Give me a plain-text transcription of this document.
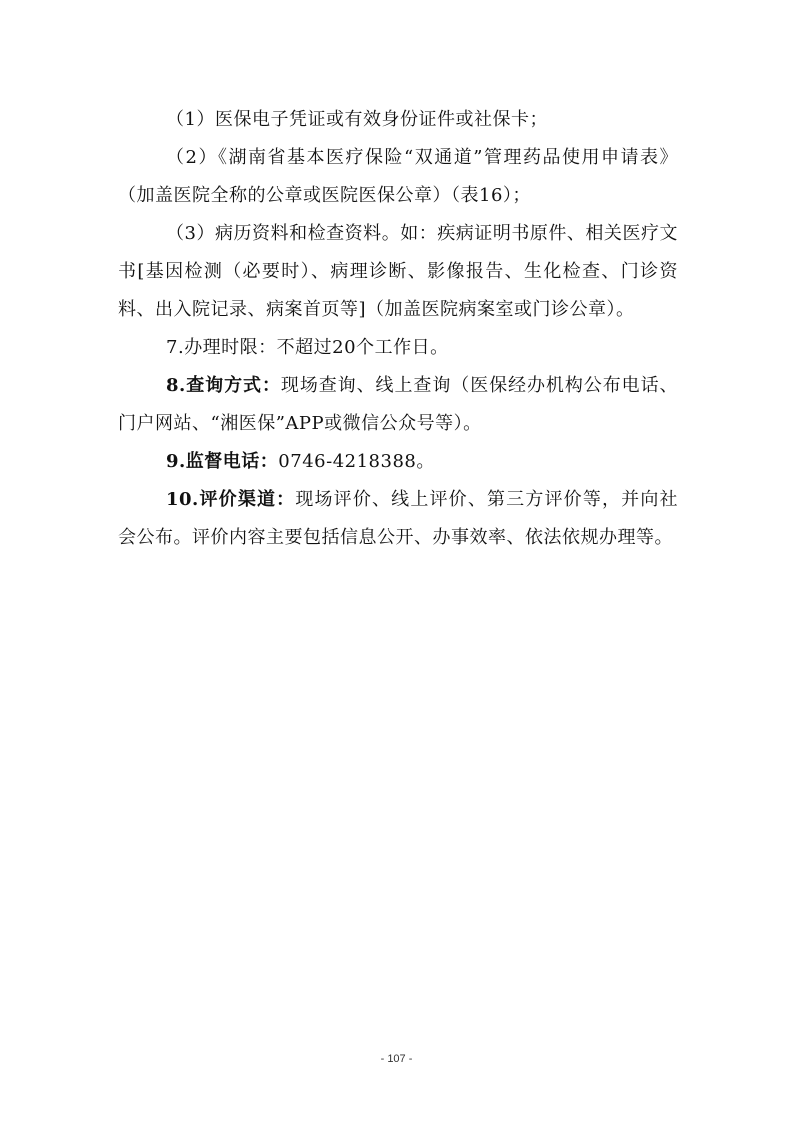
（1）医保电子凭证或有效身份证件或社保卡；

（2）《湖南省基本医疗保险“双通道”管理药品使用申请表》（加盖医院全称的公章或医院医保公章）（表16）；

（3）病历资料和检查资料。如：疾病证明书原件、相关医疗文书[基因检测（必要时）、病理诊断、影像报告、生化检查、门诊资料、出入院记录、病案首页等]（加盖医院病案室或门诊公章）。

7.办理时限：不超过20个工作日。

8.查询方式：现场查询、线上查询（医保经办机构公布电话、门户网站、“湘医保”APP或微信公众号等）。

9.监督电话：0746-4218388。

10.评价渠道：现场评价、线上评价、第三方评价等，并向社会公布。评价内容主要包括信息公开、办事效率、依法依规办理等。

- 107 -
